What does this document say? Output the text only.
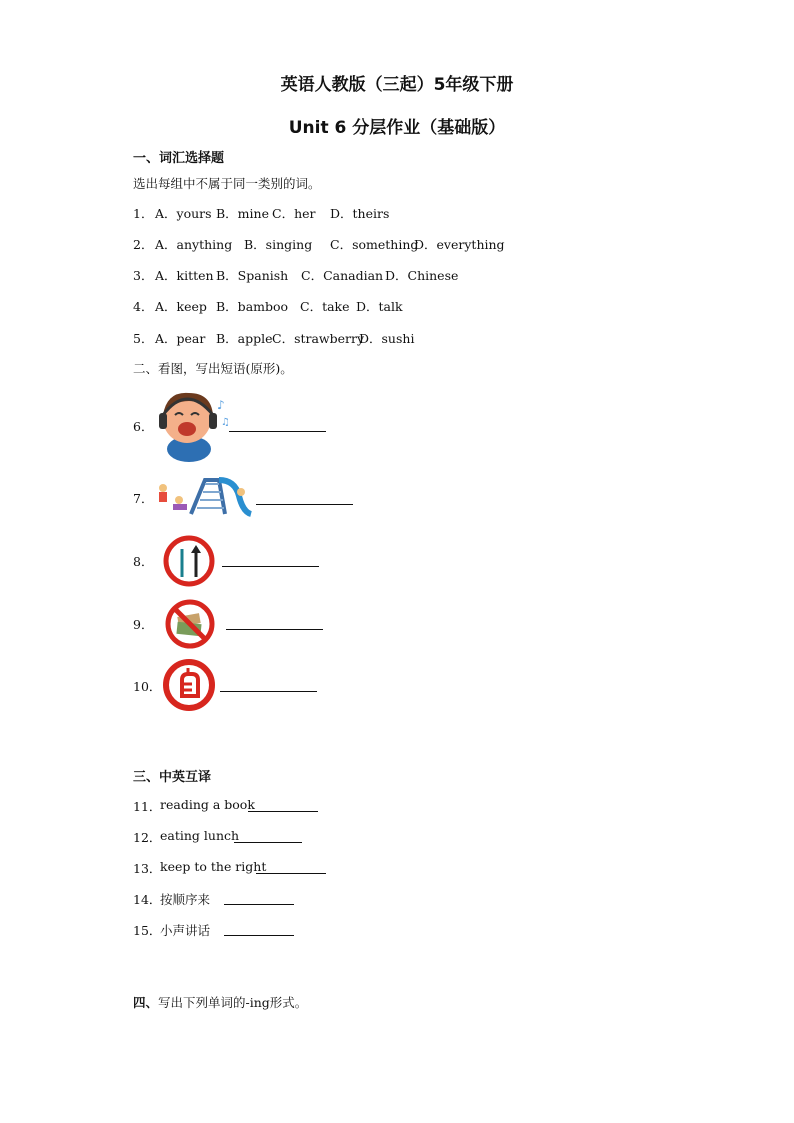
英语人教版（三起）5年级下册
Unit 6 分层作业（基础版）
一、词汇选择题
选出每组中不属于同一类别的词。
1． A．yours B．mine C．her D．theirs
2． A．anything B．singing C．something
D．everything
3． A．kitten B．Spanish C．Canadian D．Chinese
4． A．keep B．bamboo C．take D．talk
5． A．pear B．apple C．strawberry
D．sushi
二、看图，写出短语(原形)。
6．
♪
♫
7．
8．
9．
10．
三、中英互译
11．
reading a book
12．
eating lunch
13．
keep to the right
14．
按顺序来
15．
小声讲话
四、写出下列单词的-ing形式。
